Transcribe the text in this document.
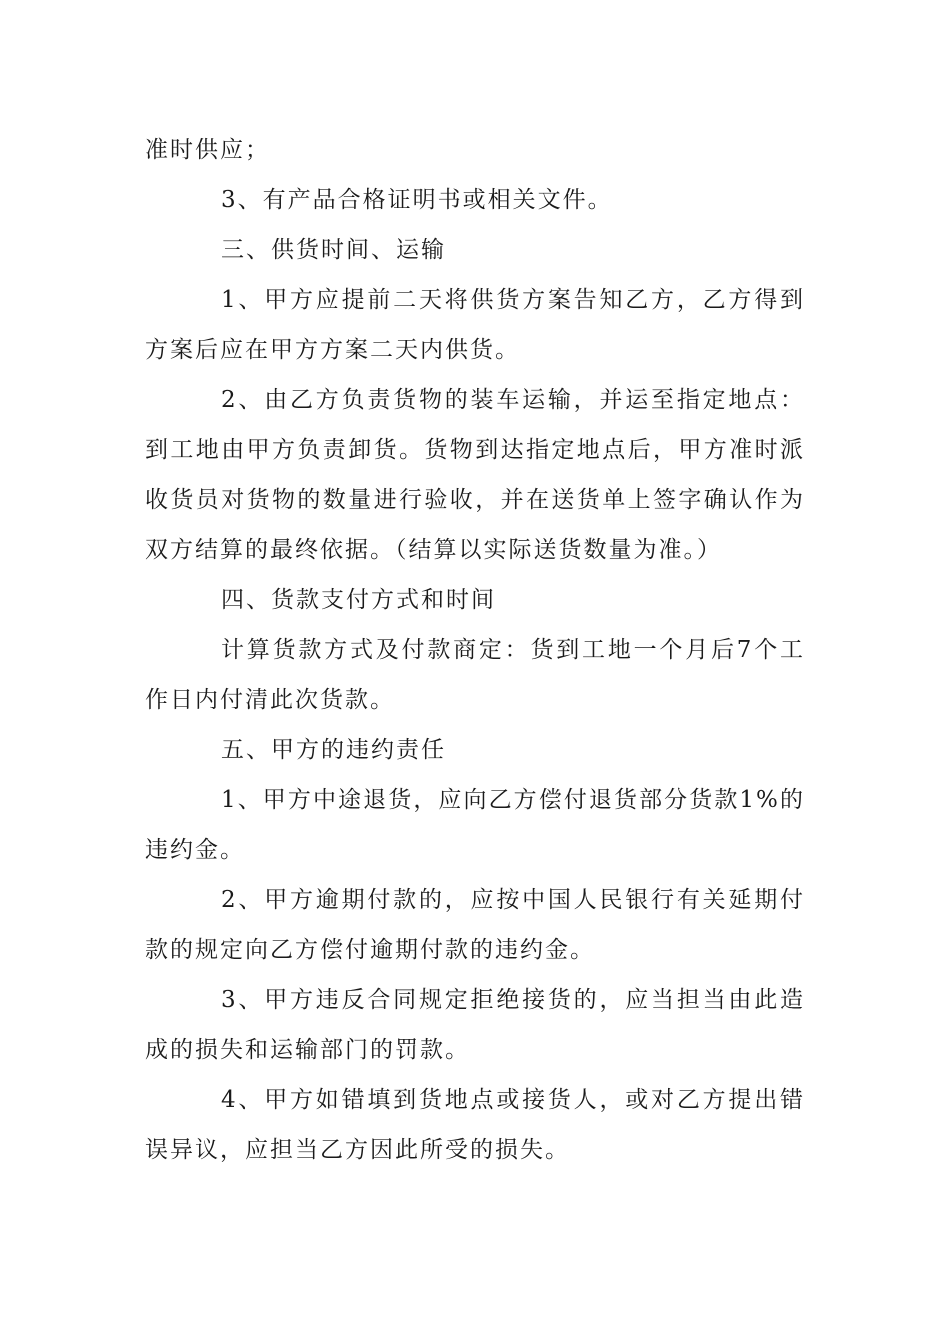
准时供应；

3、有产品合格证明书或相关文件。

三、供货时间、运输

1、甲方应提前二天将供货方案告知乙方，乙方得到方案后应在甲方方案二天内供货。

2、由乙方负责货物的装车运输，并运至指定地点：到工地由甲方负责卸货。货物到达指定地点后，甲方准时派收货员对货物的数量进行验收，并在送货单上签字确认作为双方结算的最终依据。（结算以实际送货数量为准。）

四、货款支付方式和时间

计算货款方式及付款商定：货到工地一个月后7个工作日内付清此次货款。

五、甲方的违约责任

1、甲方中途退货，应向乙方偿付退货部分货款1%的违约金。

2、甲方逾期付款的，应按中国人民银行有关延期付款的规定向乙方偿付逾期付款的违约金。

3、甲方违反合同规定拒绝接货的，应当担当由此造成的损失和运输部门的罚款。

4、甲方如错填到货地点或接货人，或对乙方提出错误异议，应担当乙方因此所受的损失。
